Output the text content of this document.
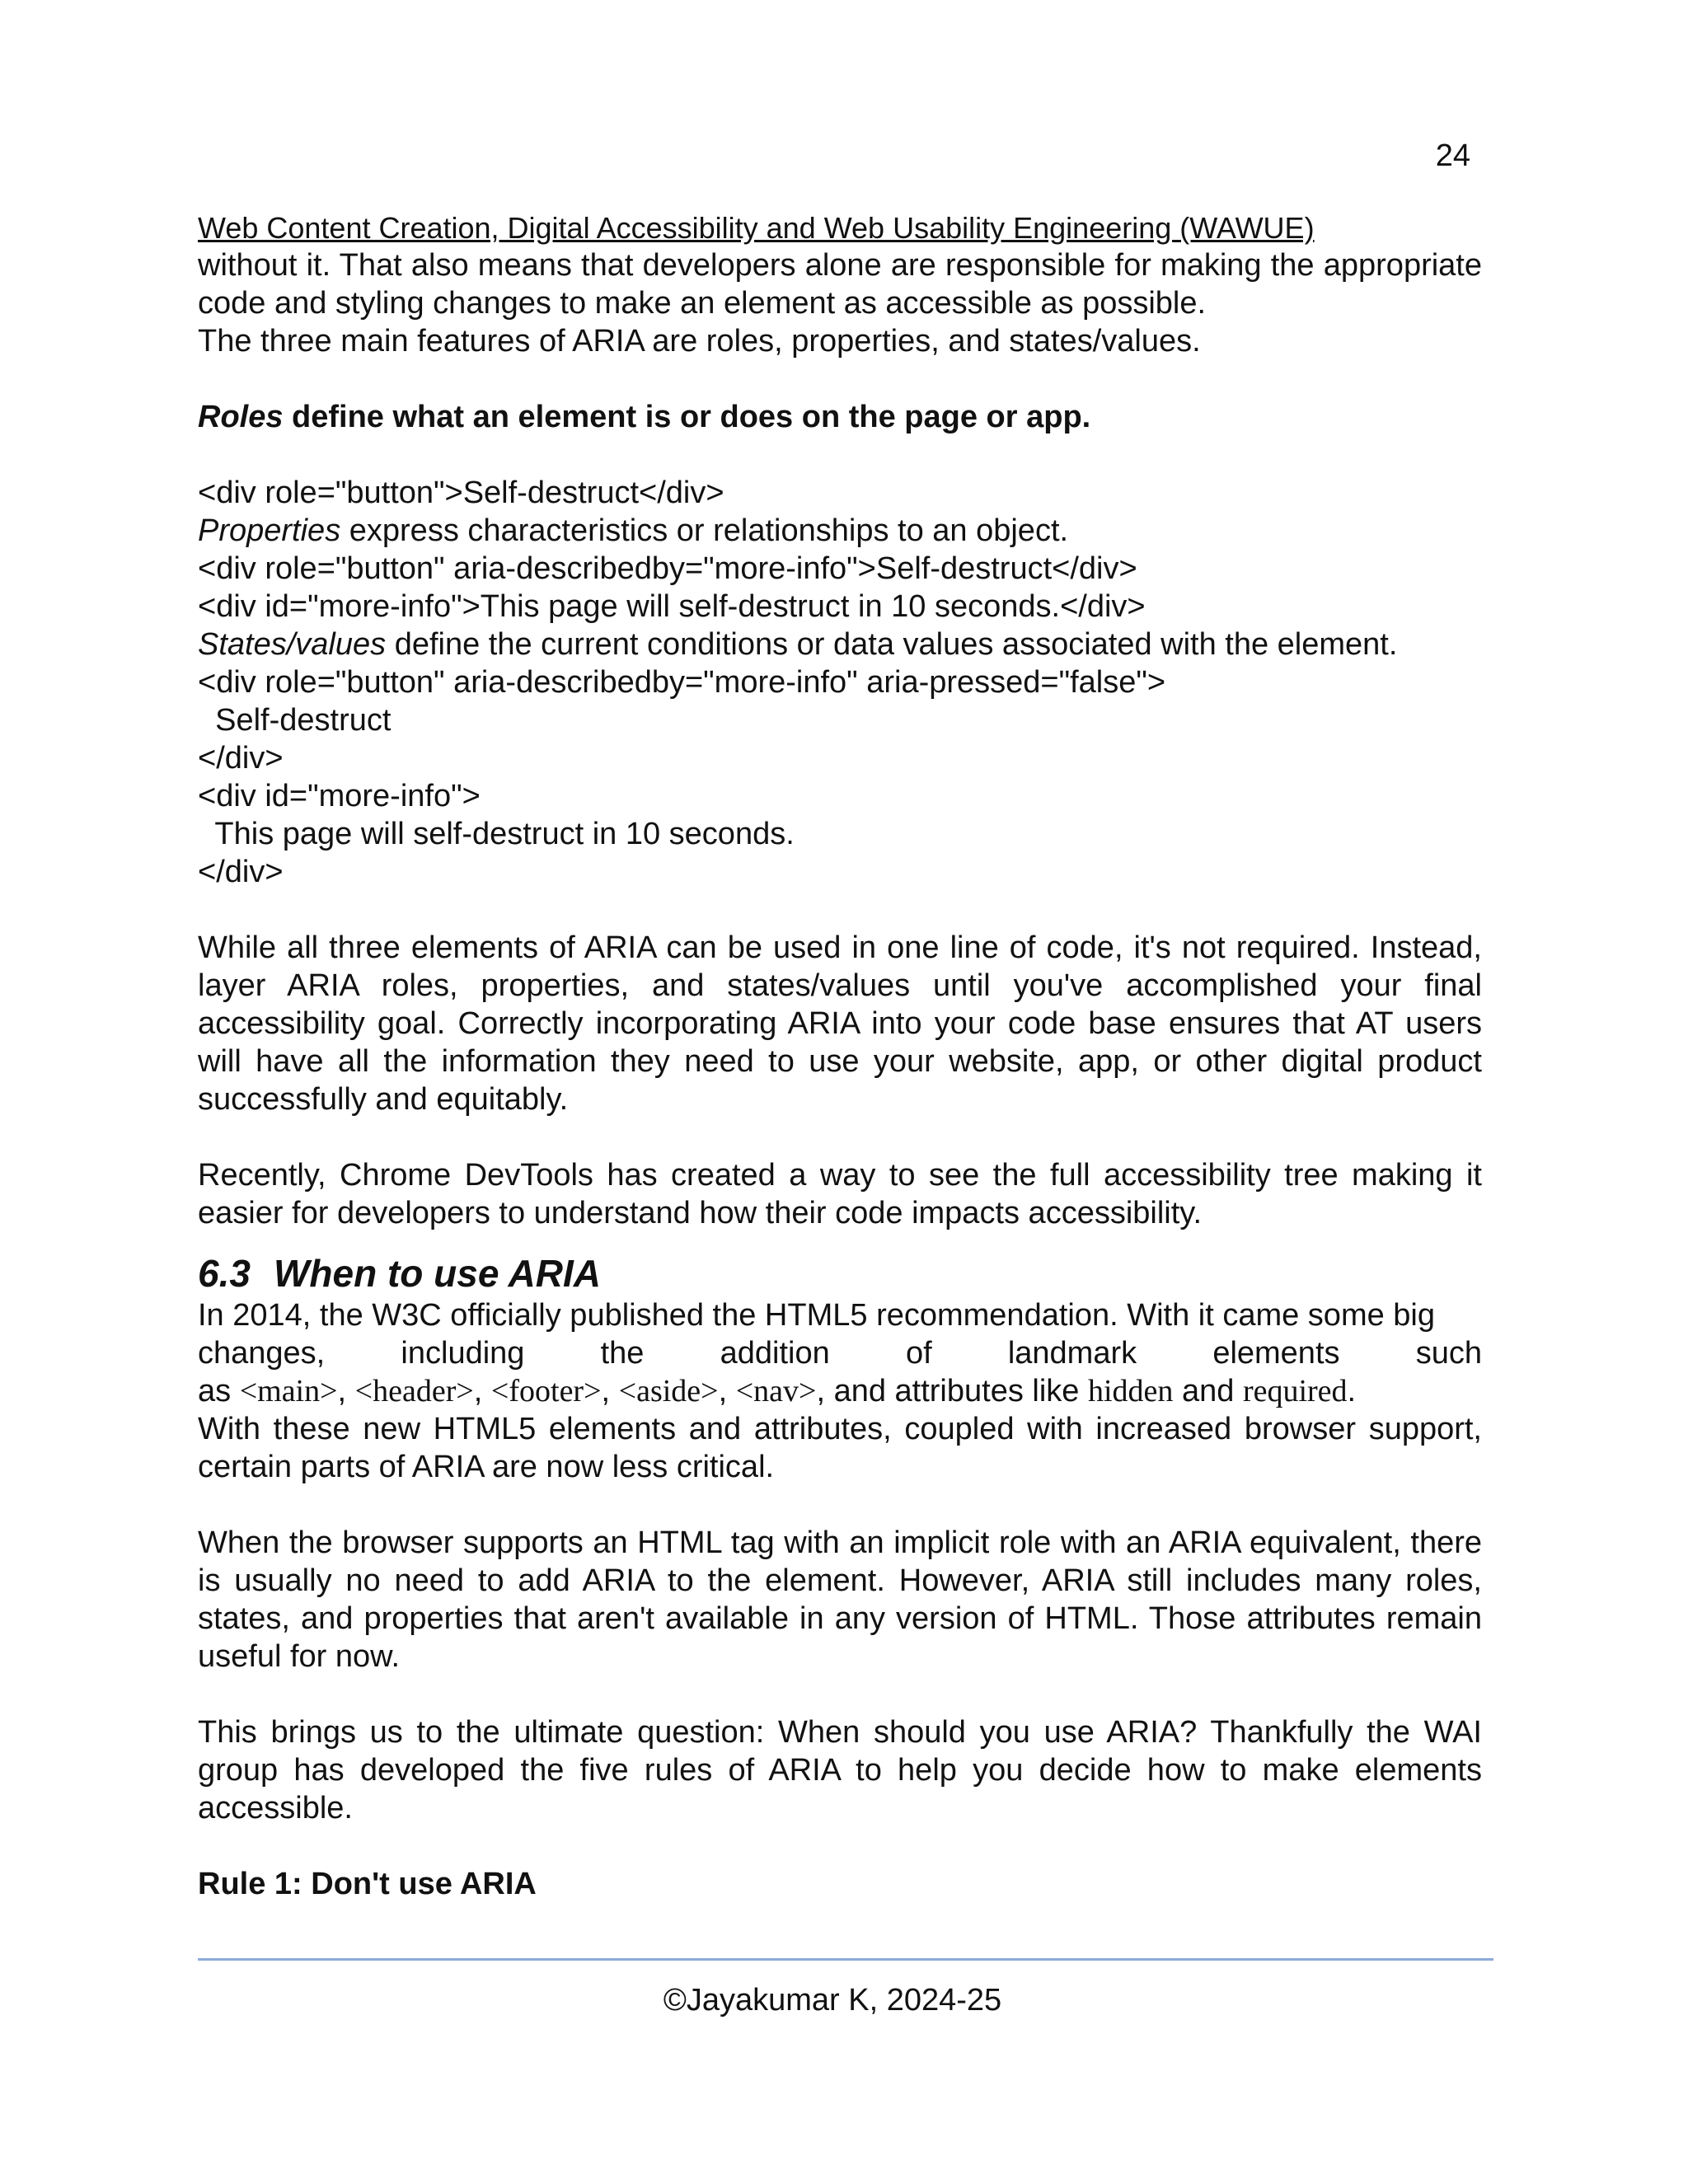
24

Web Content Creation, Digital Accessibility and Web Usability Engineering (WAWUE)

without it. That also means that developers alone are responsible for making the appropriate code and styling changes to make an element as accessible as possible.

The three main features of ARIA are roles, properties, and states/values.

Roles define what an element is or does on the page or app.

<div role="button">Self-destruct</div>

Properties express characteristics or relationships to an object.

<div role="button" aria-describedby="more-info">Self-destruct</div>

<div id="more-info">This page will self-destruct in 10 seconds.</div>

States/values define the current conditions or data values associated with the element.

<div role="button" aria-describedby="more-info" aria-pressed="false">

Self-destruct

</div>

<div id="more-info">

This page will self-destruct in 10 seconds.

</div>

While all three elements of ARIA can be used in one line of code, it's not required. Instead, layer ARIA roles, properties, and states/values until you've accomplished your final accessibility goal. Correctly incorporating ARIA into your code base ensures that AT users will have all the information they need to use your website, app, or other digital product successfully and equitably.

Recently, Chrome DevTools has created a way to see the full accessibility tree making it easier for developers to understand how their code impacts accessibility.

6.3 When to use ARIA

In 2014, the W3C officially published the HTML5 recommendation. With it came some big

changes, including the addition of landmark elements such

as <main>, <header>, <footer>, <aside>, <nav>, and attributes like hidden and required.

With these new HTML5 elements and attributes, coupled with increased browser support, certain parts of ARIA are now less critical.

When the browser supports an HTML tag with an implicit role with an ARIA equivalent, there is usually no need to add ARIA to the element. However, ARIA still includes many roles, states, and properties that aren't available in any version of HTML. Those attributes remain useful for now.

This brings us to the ultimate question: When should you use ARIA? Thankfully the WAI group has developed the five rules of ARIA to help you decide how to make elements accessible.

Rule 1: Don't use ARIA

©Jayakumar K, 2024-25
